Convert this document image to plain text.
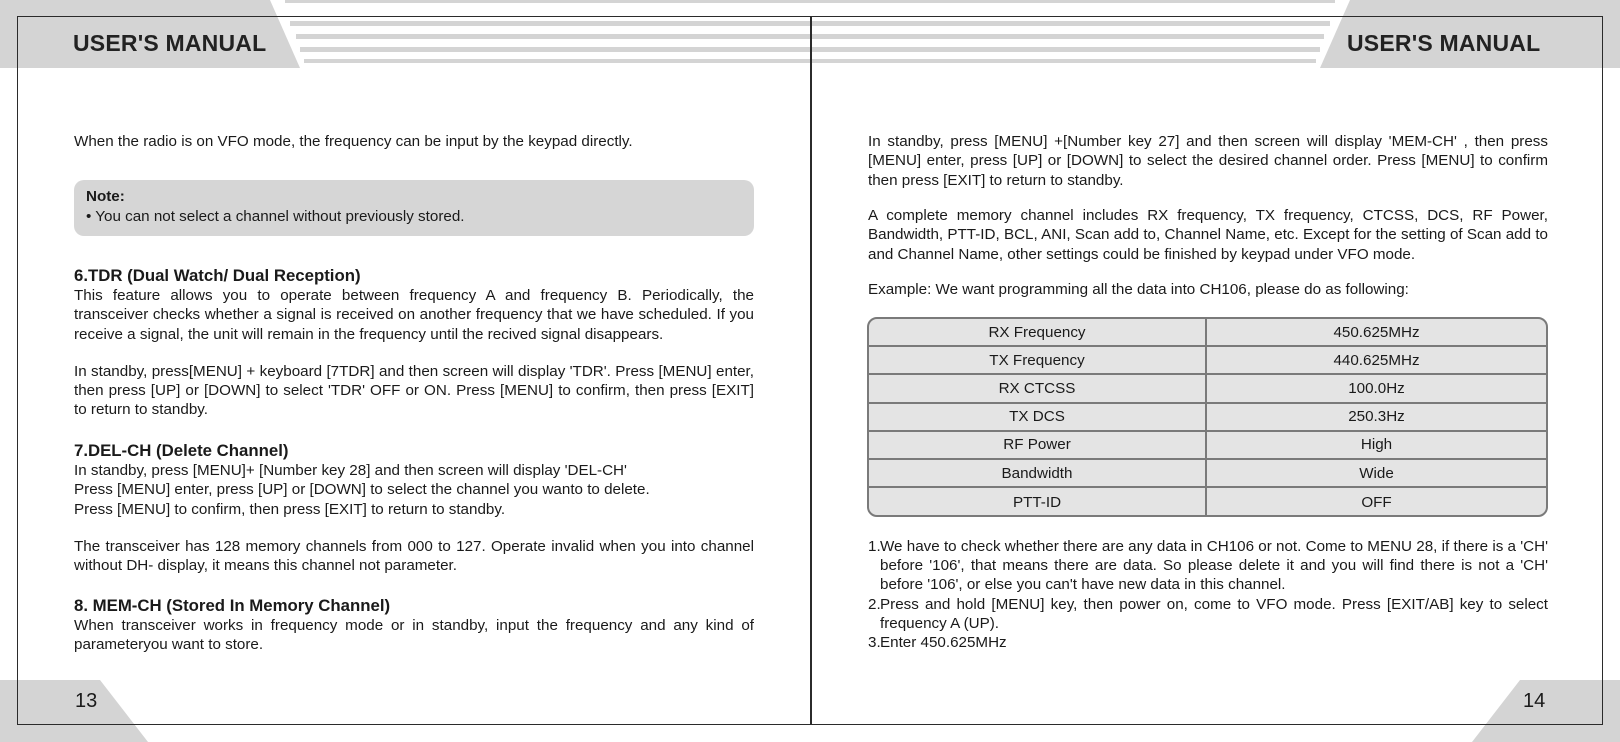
USER'S MANUAL	USER'S MANUAL
13	14

When the radio is on VFO mode, the frequency can be input by the keypad directly.

Note:
• You can not select a channel without previously stored.
6.TDR (Dual Watch/ Dual Reception)

This feature allows you to operate between frequency A and frequency B. Periodically, the transceiver checks whether a signal is received on another frequency that we have scheduled. If you receive a signal, the unit will remain in the frequency until the recived signal disappears.

In standby, press[MENU] + keyboard [7TDR] and then screen will display 'TDR'. Press [MENU] enter, then press [UP] or [DOWN] to select 'TDR' OFF or ON. Press [MENU] to confirm, then press [EXIT] to return to standby.

7.DEL-CH (Delete Channel)

In standby, press [MENU]+ [Number key 28] and then screen will display 'DEL-CH'

Press [MENU] enter, press [UP] or [DOWN] to select the channel you wanto to delete.

Press [MENU] to confirm, then press [EXIT] to return to standby.

The transceiver has 128 memory channels from 000 to 127. Operate invalid when you into channel without DH- display, it means this channel not parameter.

8. MEM-CH (Stored In Memory Channel)

When transceiver works in frequency mode or in standby, input the frequency and any kind of parameteryou want to store.

In standby, press [MENU] +[Number key 27] and then screen will display 'MEM-CH' , then press [MENU] enter, press [UP] or [DOWN] to select the desired channel order. Press [MENU] to confirm then press [EXIT] to return to standby.

A complete memory channel includes RX frequency, TX frequency, CTCSS, DCS, RF Power, Bandwidth, PTT-ID, BCL, ANI, Scan add to, Channel Name, etc. Except for the setting of Scan add to and Channel Name, other settings could be finished by keypad under VFO mode.

Example: We want programming all the data into CH106, please do as following:

RX Frequency	450.625MHz
TX Frequency	440.625MHz
RX CTCSS	100.0Hz
TX DCS	250.3Hz
RF Power	High
Bandwidth	Wide
PTT-ID	OFF
1. We have to check whether there are any data in CH106 or not. Come to MENU 28, if there is a 'CH' before '106', that means there are data. So please delete it and you will find there is not a 'CH' before '106', or else you can't have new data in this channel.
2. Press and hold [MENU] key, then power on, come to VFO mode. Press [EXIT/AB] key to select frequency A (UP).
3. Enter 450.625MHz
